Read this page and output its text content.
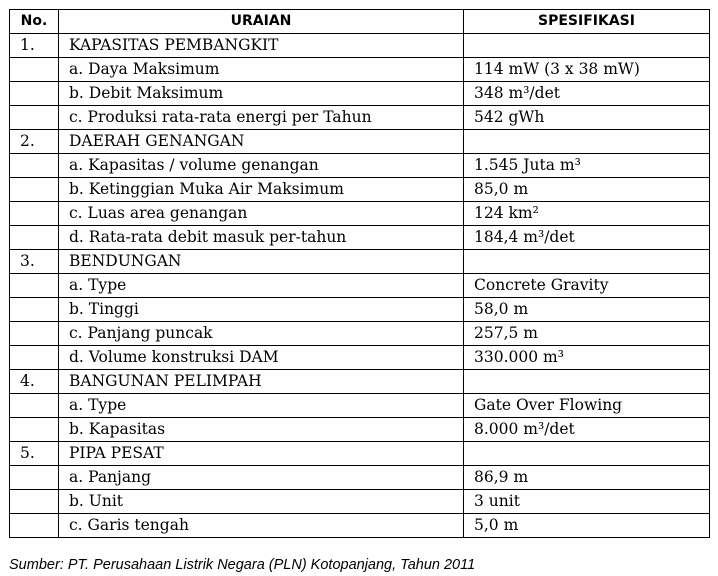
No.	URAIAN	SPESIFIKASI
1.	KAPASITAS PEMBANGKIT	
	a. Daya Maksimum	114 mW (3 x 38 mW)
	b. Debit Maksimum	348 m³/det
	c. Produksi rata-rata energi per Tahun	542 gWh
2.	DAERAH GENANGAN	
	a. Kapasitas / volume genangan	1.545 Juta m³
	b. Ketinggian Muka Air Maksimum	85,0 m
	c. Luas area genangan	124 km²
	d. Rata-rata debit masuk per-tahun	184,4 m³/det
3.	BENDUNGAN	
	a. Type	Concrete Gravity
	b. Tinggi	58,0 m
	c. Panjang puncak	257,5 m
	d. Volume konstruksi DAM	330.000 m³
4.	BANGUNAN PELIMPAH	
	a. Type	Gate Over Flowing
	b. Kapasitas	8.000 m³/det
5.	PIPA PESAT	
	a. Panjang	86,9 m
	b. Unit	3 unit
	c. Garis tengah	5,0 m
Sumber: PT. Perusahaan Listrik Negara (PLN) Kotopanjang, Tahun 2011
